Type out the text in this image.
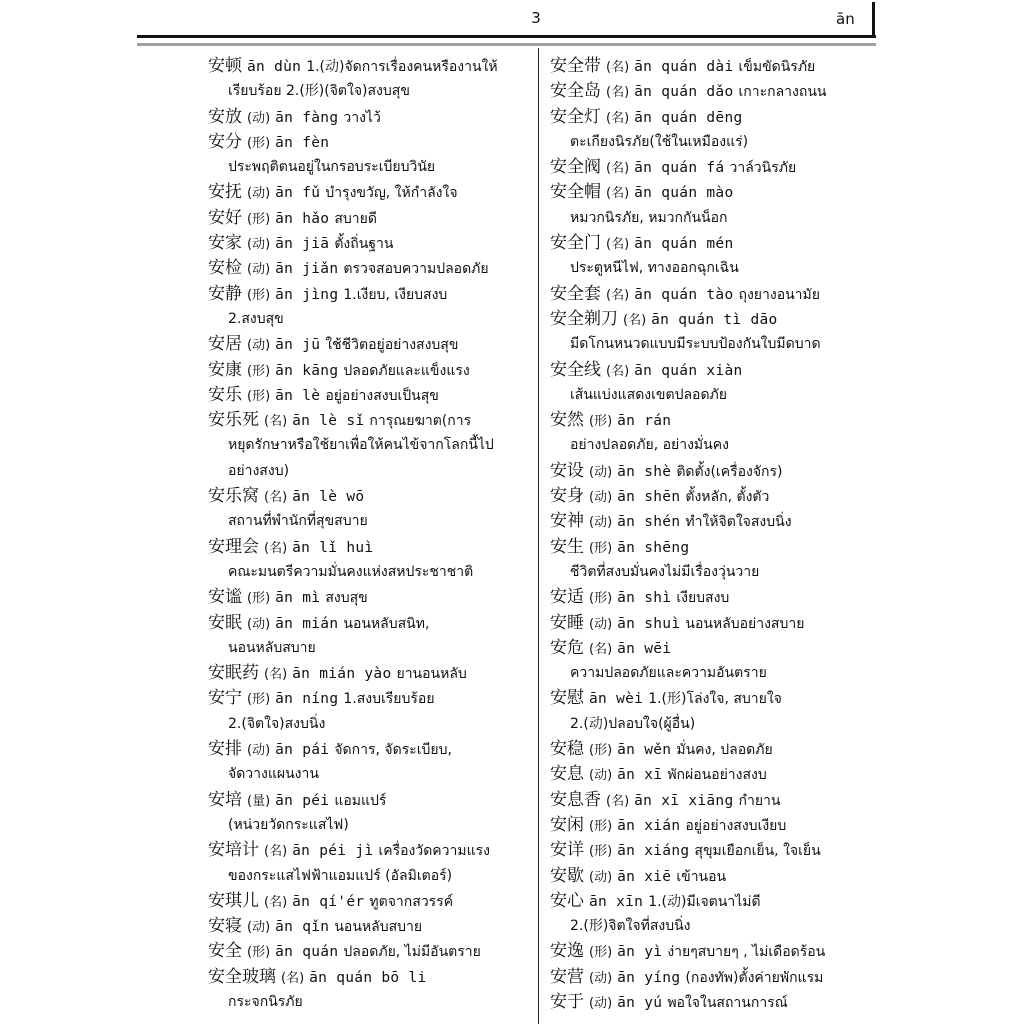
3	ān
安顿 ān dùn 1.(动)จัดการเรื่องคนหรืองานให้
เรียบร้อย 2.(形)(จิตใจ)สงบสุข
安放 (动) ān fàng วางไว้
安分 (形) ān fèn
ประพฤติตนอยู่ในกรอบระเบียบวินัย
安抚 (动) ān fǔ บำรุงขวัญ, ให้กำลังใจ
安好 (形) ān hǎo สบายดี
安家 (动) ān jiā ตั้งถิ่นฐาน
安检 (动) ān jiǎn ตรวจสอบความปลอดภัย
安静 (形) ān jìng 1.เงียบ, เงียบสงบ
2.สงบสุข
安居 (动) ān jū ใช้ชีวิตอยู่อย่างสงบสุข
安康 (形) ān kāng ปลอดภัยและแข็งแรง
安乐 (形) ān lè อยู่อย่างสงบเป็นสุข
安乐死 (名) ān lè sǐ การุณยฆาต(การ
หยุดรักษาหรือใช้ยาเพื่อให้คนไข้จากโลกนี้ไป
อย่างสงบ)
安乐窝 (名) ān lè wō
สถานที่พำนักที่สุขสบาย
安理会 (名) ān lǐ huì
คณะมนตรีความมั่นคงแห่งสหประชาชาติ
安谧 (形) ān mì สงบสุข
安眠 (动) ān mián นอนหลับสนิท,
นอนหลับสบาย
安眠药 (名) ān mián yào ยานอนหลับ
安宁 (形) ān níng 1.สงบเรียบร้อย
2.(จิตใจ)สงบนิ่ง
安排 (动) ān pái จัดการ, จัดระเบียบ,
จัดวางแผนงาน
安培 (量) ān péi แอมแปร์
(หน่วยวัดกระแสไฟ)
安培计 (名) ān péi jì เครื่องวัดความแรง
ของกระแสไฟฟ้าแอมแปร์ (อัลมิเตอร์)
安琪儿 (名) ān qí'ér ทูตจากสวรรค์
安寝 (动) ān qǐn นอนหลับสบาย
安全 (形) ān quán ปลอดภัย, ไม่มีอันตราย
安全玻璃 (名) ān quán bō li
กระจกนิรภัย
安全带 (名) ān quán dài เข็มขัดนิรภัย
安全岛 (名) ān quán dǎo เกาะกลางถนน
安全灯 (名) ān quán dēng
ตะเกียงนิรภัย(ใช้ในเหมืองแร่)
安全阀 (名) ān quán fá วาล์วนิรภัย
安全帽 (名) ān quán mào
หมวกนิรภัย, หมวกกันน็อก
安全门 (名) ān quán mén
ประตูหนีไฟ, ทางออกฉุกเฉิน
安全套 (名) ān quán tào ถุงยางอนามัย
安全剃刀 (名) ān quán tì dāo
มีดโกนหนวดแบบมีระบบป้องกันใบมีดบาด
安全线 (名) ān quán xiàn
เส้นแบ่งแสดงเขตปลอดภัย
安然 (形) ān rán
อย่างปลอดภัย, อย่างมั่นคง
安设 (动) ān shè ติดตั้ง(เครื่องจักร)
安身 (动) ān shēn ตั้งหลัก, ตั้งตัว
安神 (动) ān shén ทำให้จิตใจสงบนิ่ง
安生 (形) ān shēng
ชีวิตที่สงบมั่นคงไม่มีเรื่องวุ่นวาย
安适 (形) ān shì เงียบสงบ
安睡 (动) ān shuì นอนหลับอย่างสบาย
安危 (名) ān wēi
ความปลอดภัยและความอันตราย
安慰 ān wèi 1.(形)โล่งใจ, สบายใจ
2.(动)ปลอบใจ(ผู้อื่น)
安稳 (形) ān wěn มั่นคง, ปลอดภัย
安息 (动) ān xī พักผ่อนอย่างสงบ
安息香 (名) ān xī xiāng กำยาน
安闲 (形) ān xián อยู่อย่างสงบเงียบ
安详 (形) ān xiáng สุขุมเยือกเย็น, ใจเย็น
安歇 (动) ān xiē เข้านอน
安心 ān xīn 1.(动)มีเจตนาไม่ดี
2.(形)จิตใจที่สงบนิ่ง
安逸 (形) ān yì ง่ายๆสบายๆ , ไม่เดือดร้อน
安营 (动) ān yíng (กองทัพ)ตั้งค่ายพักแรม
安于 (动) ān yú พอใจในสถานการณ์
